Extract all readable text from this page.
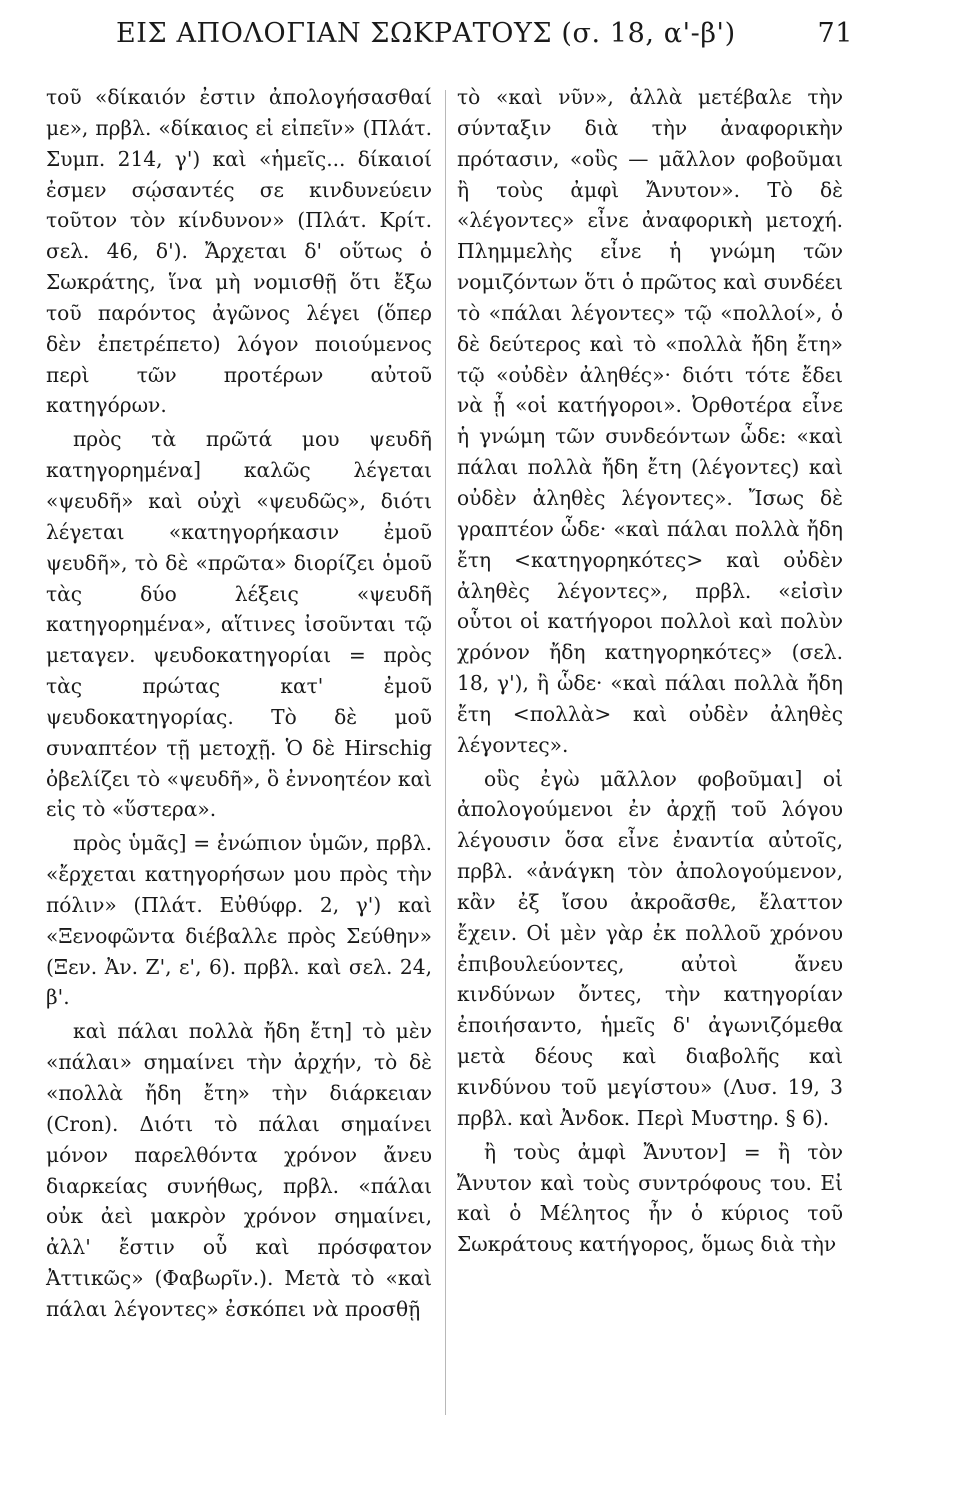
ΕΙΣ ΑΠΟΛΟΓΙΑΝ ΣΩΚΡΑΤΟΥΣ (σ. 18, α'-β')	71

τοῦ «δίκαιόν ἐστιν ἀπολογήσασθαί με», πρβλ. «δίκαιος εἰ εἰπεῖν» (Πλάτ. Συμπ. 214, γ') καὶ «ἡμεῖς... δίκαιοί ἐσμεν σῴσαντές σε κινδυνεύειν τοῦτον τὸν κίνδυνον» (Πλάτ. Κρίτ. σελ. 46, δ'). Ἄρχεται δ' οὕτως ὁ Σωκράτης, ἵνα μὴ νομισθῇ ὅτι ἔξω τοῦ παρόντος ἀγῶνος λέγει (ὅπερ δὲν ἐπετρέπετο) λόγον ποιούμενος περὶ τῶν προτέρων αὐτοῦ κατηγόρων.

πρὸς τὰ πρῶτά μου ψευδῆ κατηγορημένα] καλῶς λέγεται «ψευδῆ» καὶ οὐχὶ «ψευδῶς», διότι λέγεται «κατηγορήκασιν ἐμοῦ ψευδῆ», τὸ δὲ «πρῶτα» διορίζει ὁμοῦ τὰς δύο λέξεις «ψευδῆ κατηγορημένα», αἵτινες ἰσοῦνται τῷ μεταγεν. ψευδοκατηγορίαι = πρὸς τὰς πρώτας κατ' ἐμοῦ ψευδοκατηγορίας. Τὸ δὲ μοῦ συναπτέον τῇ μετοχῇ. Ὁ δὲ Hirschig ὀβελίζει τὸ «ψευδῆ», ὃ ἐννοητέον καὶ εἰς τὸ «ὕστερα».

πρὸς ὑμᾶς] = ἐνώπιον ὑμῶν, πρβλ. «ἔρχεται κατηγορήσων μου πρὸς τὴν πόλιν» (Πλάτ. Εὐθύφρ. 2, γ') καὶ «Ξενοφῶντα διέβαλλε πρὸς Σεύθην» (Ξεν. Ἀν. Ζ', ε', 6). πρβλ. καὶ σελ. 24, β'.

καὶ πάλαι πολλὰ ἤδη ἔτη] τὸ μὲν «πάλαι» σημαίνει τὴν ἀρχήν, τὸ δὲ «πολλὰ ἤδη ἔτη» τὴν διάρκειαν (Cron). Διότι τὸ πάλαι σημαίνει μόνον παρελθόντα χρόνον ἄνευ διαρκείας συνήθως, πρβλ. «πάλαι οὐκ ἀεὶ μακρὸν χρόνον σημαίνει, ἀλλ' ἔστιν οὗ καὶ πρόσφατον Ἀττικῶς» (Φαβωρῖν.). Μετὰ τὸ «καὶ πάλαι λέγοντες» ἐσκόπει νὰ προσθῇ

τὸ «καὶ νῦν», ἀλλὰ μετέβαλε τὴν σύνταξιν διὰ τὴν ἀναφορικὴν πρότασιν, «οὓς — μᾶλλον φοβοῦμαι ἢ τοὺς ἀμφὶ Ἄνυτον». Τὸ δὲ «λέγοντες» εἶνε ἀναφορικὴ μετοχή. Πλημμελὴς εἶνε ἡ γνώμη τῶν νομιζόντων ὅτι ὁ πρῶτος καὶ συνδέει τὸ «πάλαι λέγοντες» τῷ «πολλοί», ὁ δὲ δεύτερος καὶ τὸ «πολλὰ ἤδη ἔτη» τῷ «οὐδὲν ἀληθές»· διότι τότε ἔδει νὰ ᾖ «οἱ κατήγοροι». Ὀρθοτέρα εἶνε ἡ γνώμη τῶν συνδεόντων ὧδε: «καὶ πάλαι πολλὰ ἤδη ἔτη (λέγοντες) καὶ οὐδὲν ἀληθὲς λέγοντες». Ἴσως δὲ γραπτέον ὧδε· «καὶ πάλαι πολλὰ ἤδη ἔτη <κατηγορηκότες> καὶ οὐδὲν ἀληθὲς λέγοντες», πρβλ. «εἰσὶν οὗτοι οἱ κατήγοροι πολλοὶ καὶ πολὺν χρόνον ἤδη κατηγορηκότες» (σελ. 18, γ'), ἢ ὧδε· «καὶ πάλαι πολλὰ ἤδη ἔτη <πολλὰ> καὶ οὐδὲν ἀληθὲς λέγοντες».

οὓς ἐγὼ μᾶλλον φοβοῦμαι] οἱ ἀπολογούμενοι ἐν ἀρχῇ τοῦ λόγου λέγουσιν ὅσα εἶνε ἐναντία αὐτοῖς, πρβλ. «ἀνάγκη τὸν ἀπολογούμενον, κἂν ἐξ ἴσου ἀκροᾶσθε, ἔλαττον ἔχειν. Οἱ μὲν γὰρ ἐκ πολλοῦ χρόνου ἐπιβουλεύοντες, αὐτοὶ ἄνευ κινδύνων ὄντες, τὴν κατηγορίαν ἐποιήσαντο, ἡμεῖς δ' ἀγωνιζόμεθα μετὰ δέους καὶ διαβολῆς καὶ κινδύνου τοῦ μεγίστου» (Λυσ. 19, 3 πρβλ. καὶ Ἀνδοκ. Περὶ Μυστηρ. § 6).

ἢ τοὺς ἀμφὶ Ἄνυτον] = ἢ τὸν Ἄνυτον καὶ τοὺς συντρόφους του. Εἰ καὶ ὁ Μέλητος ἦν ὁ κύριος τοῦ Σωκράτους κατήγορος, ὅμως διὰ τὴν
